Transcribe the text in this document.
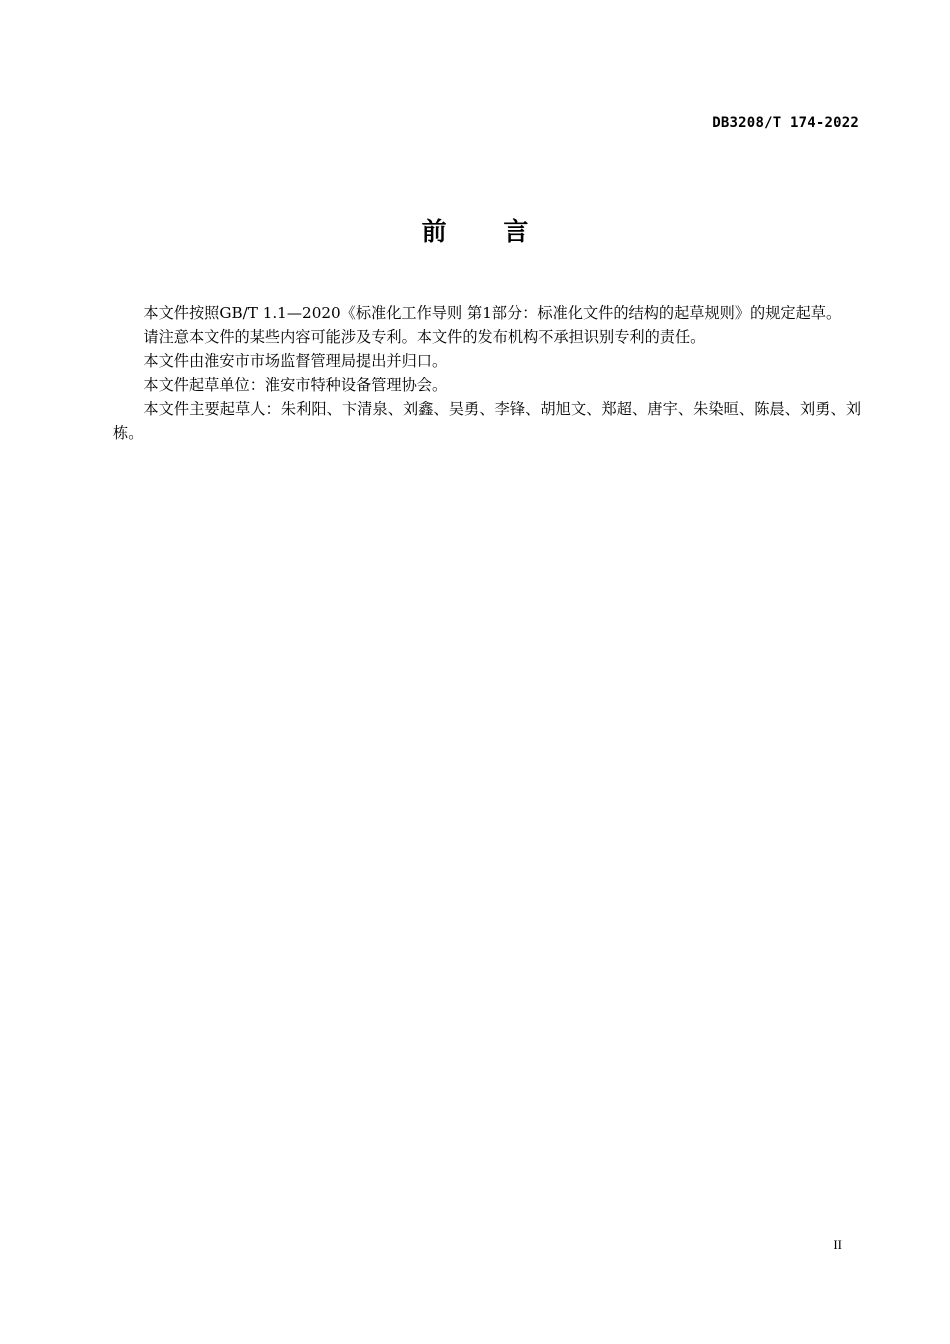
DB3208/T 174-2022
前 言

本文件按照GB/T 1.1—2020《标准化工作导则 第1部分：标准化文件的结构的起草规则》的规定起草。

请注意本文件的某些内容可能涉及专利。本文件的发布机构不承担识别专利的责任。

本文件由淮安市市场监督管理局提出并归口。

本文件起草单位：淮安市特种设备管理协会。

本文件主要起草人：朱利阳、卞清泉、刘鑫、吴勇、李锋、胡旭文、郑超、唐宇、朱染晅、陈晨、刘勇、刘栋。

II
